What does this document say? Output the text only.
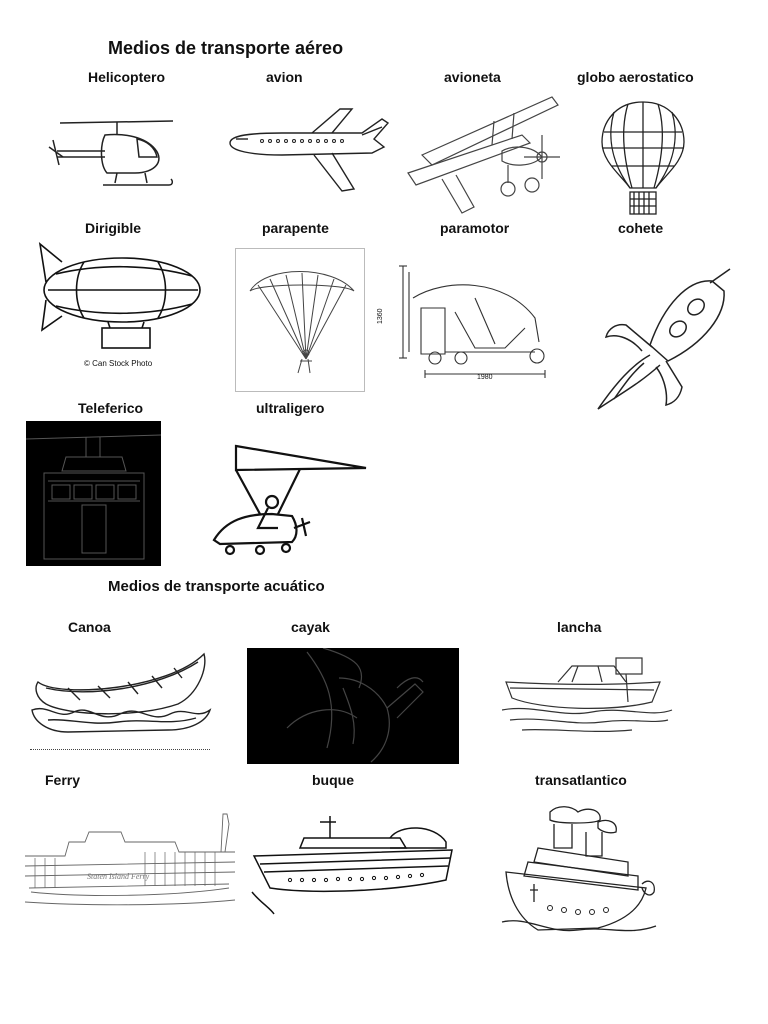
Medios de transporte aéreo
Helicoptero	avion	avioneta	globo aerostatico
Dirigible	parapente	paramotor	cohete
© Can Stock Photo
1360
1980
Teleferico	ultraligero
Medios de transporte acuático
Canoa	cayak	lancha
Ferry	buque	transatlantico
Staten Island Ferry
